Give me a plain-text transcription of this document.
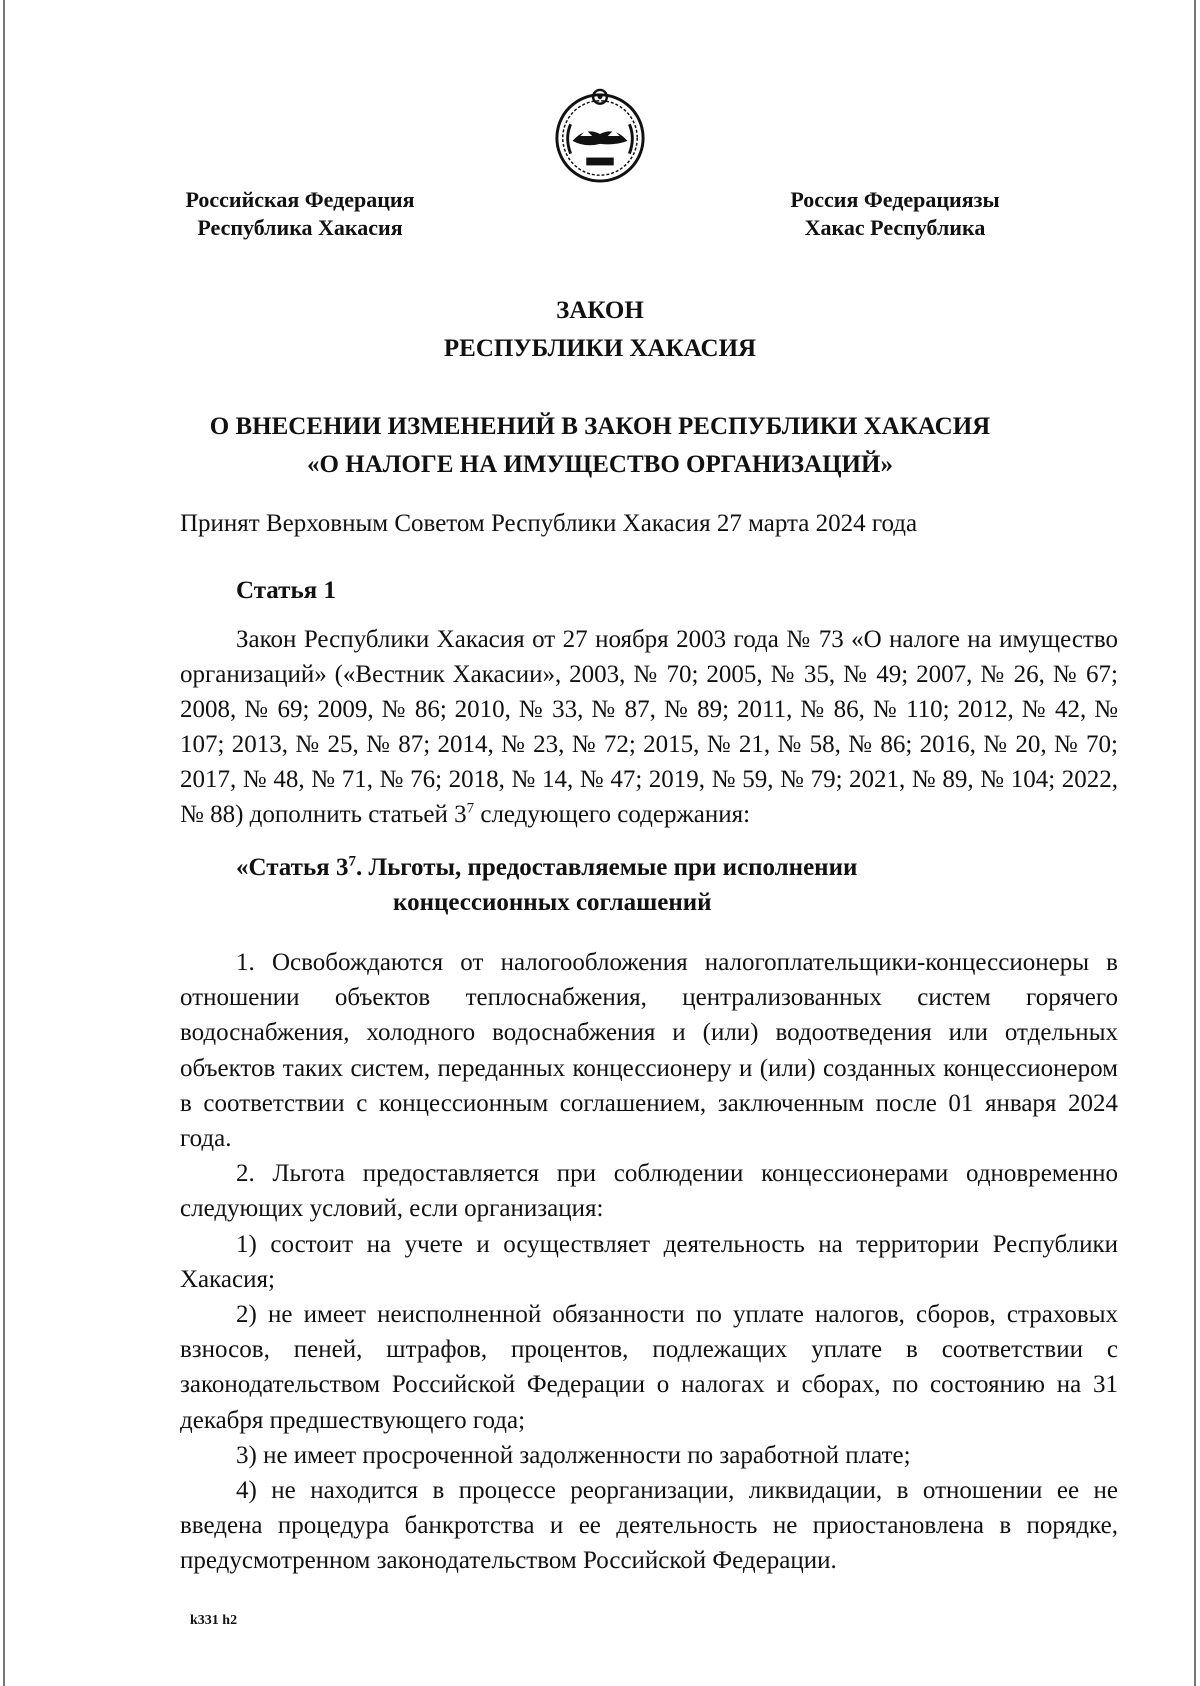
Российская Федерация
Республика Хакасия
Россия Федерациязы
Хакас Республика
ЗАКОН
РЕСПУБЛИКИ ХАКАСИЯ
О ВНЕСЕНИИ ИЗМЕНЕНИЙ В ЗАКОН РЕСПУБЛИКИ ХАКАСИЯ
«О НАЛОГЕ НА ИМУЩЕСТВО ОРГАНИЗАЦИЙ»
Принят Верховным Советом Республики Хакасия 27 марта 2024 года
Статья 1

Закон Республики Хакасия от 27 ноября 2003 года № 73 «О налоге на имущество организаций» («Вестник Хакасии», 2003, № 70; 2005, № 35, № 49; 2007, № 26, № 67; 2008, № 69; 2009, № 86; 2010, № 33, № 87, № 89; 2011, № 86, № 110; 2012, № 42, № 107; 2013, № 25, № 87; 2014, № 23, № 72; 2015, № 21, № 58, № 86; 2016, № 20, № 70; 2017, № 48, № 71, № 76; 2018, № 14, № 47; 2019, № 59, № 79; 2021, № 89, № 104; 2022, № 88) дополнить статьей $3^7$ следующего содержания:

«Статья $3^7$. Льготы, предоставляемые при исполнении
концессионных соглашений

1. Освобождаются от налогообложения налогоплательщики-концессионеры в отношении объектов теплоснабжения, централизованных систем горячего водоснабжения, холодного водоснабжения и (или) водоотведения или отдельных объектов таких систем, переданных концессионеру и (или) созданных концессионером в соответствии с концессионным соглашением, заключенным после 01 января 2024 года.

2. Льгота предоставляется при соблюдении концессионерами одновременно следующих условий, если организация:

1) состоит на учете и осуществляет деятельность на территории Республики Хакасия;

2) не имеет неисполненной обязанности по уплате налогов, сборов, страховых взносов, пеней, штрафов, процентов, подлежащих уплате в соответствии с законодательством Российской Федерации о налогах и сборах, по состоянию на 31 декабря предшествующего года;

3) не имеет просроченной задолженности по заработной плате;

4) не находится в процессе реорганизации, ликвидации, в отношении ее не введена процедура банкротства и ее деятельность не приостановлена в порядке, предусмотренном законодательством Российской Федерации.

k331 h2
